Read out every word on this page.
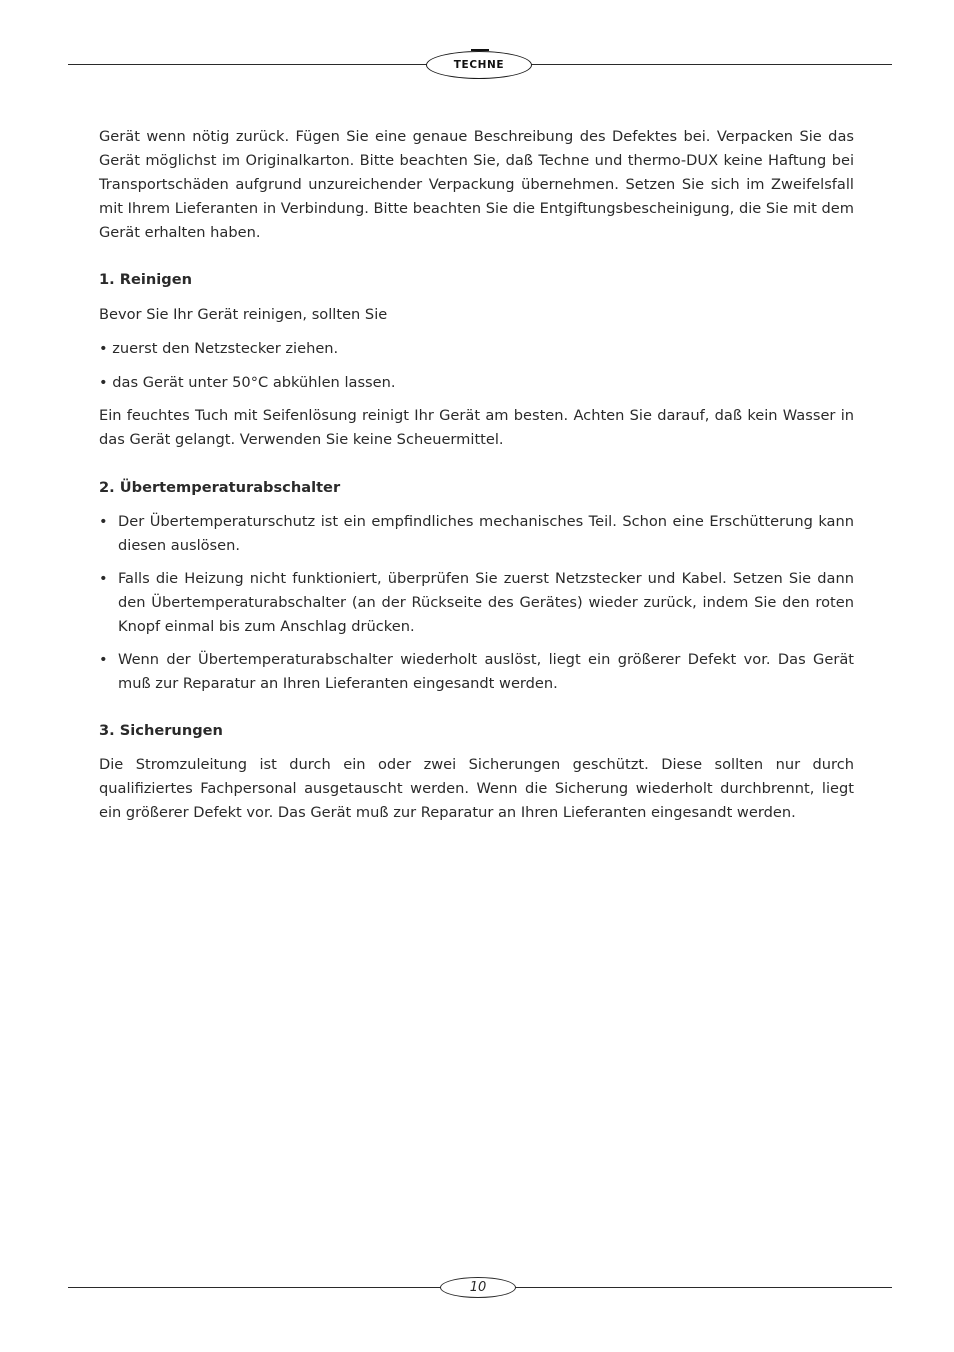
TECHNE

Gerät wenn nötig zurück. Fügen Sie eine genaue Beschreibung des Defektes bei. Verpacken Sie das Gerät möglichst im Originalkarton. Bitte beachten Sie, daß Techne und thermo-DUX keine Haftung bei Transportschäden aufgrund unzureichender Verpackung übernehmen. Setzen Sie sich im Zweifelsfall mit Ihrem Lieferanten in Verbindung. Bitte beachten Sie die Entgiftungsbescheinigung, die Sie mit dem Gerät erhalten haben.

1. Reinigen

Bevor Sie Ihr Gerät reinigen, sollten Sie

• zuerst den Netzstecker ziehen.

• das Gerät unter 50°C abkühlen lassen.

Ein feuchtes Tuch mit Seifenlösung reinigt Ihr Gerät am besten. Achten Sie darauf, daß kein Wasser in das Gerät gelangt. Verwenden Sie keine Scheuermittel.

2. Übertemperaturabschalter
• Der Übertemperaturschutz ist ein empfindliches mechanisches Teil. Schon eine Erschütterung kann diesen auslösen.
• Falls die Heizung nicht funktioniert, überprüfen Sie zuerst Netzstecker und Kabel. Setzen Sie dann den Übertemperaturabschalter (an der Rückseite des Gerätes) wieder zurück, indem Sie den roten Knopf einmal bis zum Anschlag drücken.
• Wenn der Übertemperaturabschalter wiederholt auslöst, liegt ein größerer Defekt vor. Das Gerät muß zur Reparatur an Ihren Lieferanten eingesandt werden.
3. Sicherungen

Die Stromzuleitung ist durch ein oder zwei Sicherungen geschützt. Diese sollten nur durch qualifiziertes Fachpersonal ausgetauscht werden. Wenn die Sicherung wiederholt durchbrennt, liegt ein größerer Defekt vor. Das Gerät muß zur Reparatur an Ihren Lieferanten eingesandt werden.

10
